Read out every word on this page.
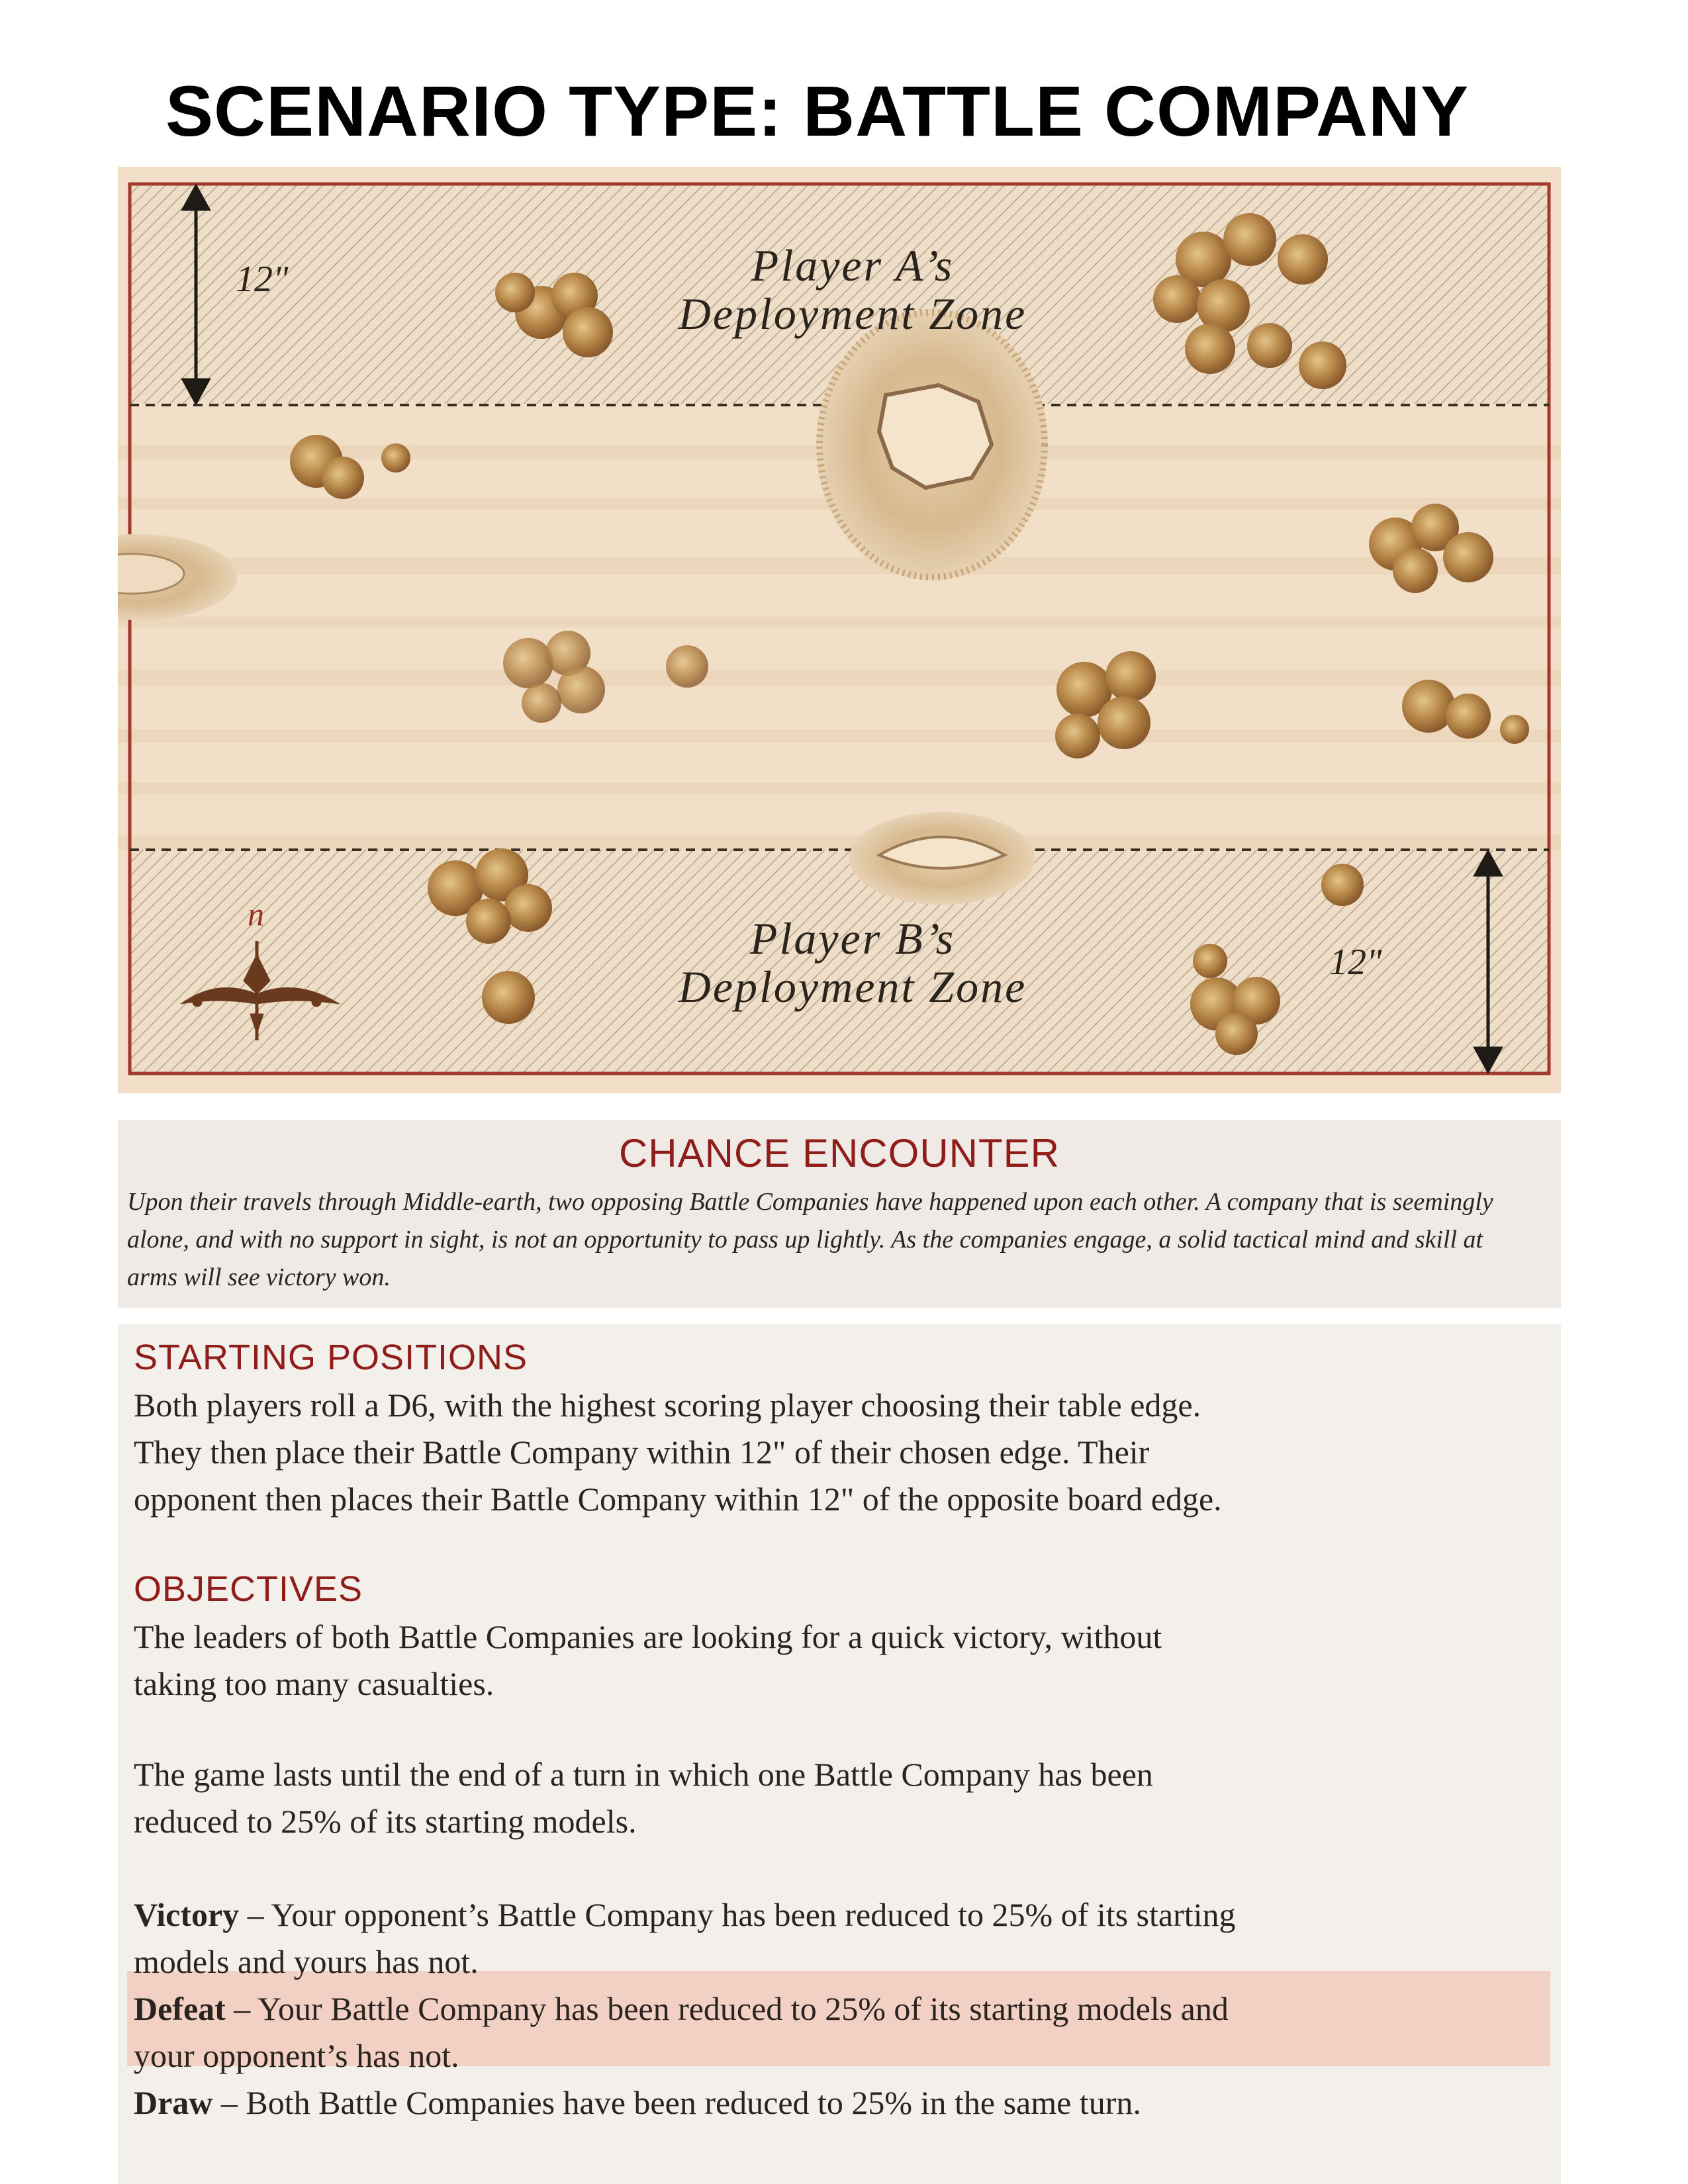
SCENARIO TYPE: BATTLE COMPANY
Player A’s
Deployment Zone
Player B’s
Deployment Zone
12"
12"
n
CHANCE ENCOUNTER
Upon their travels through Middle-earth, two opposing Battle Companies have happened upon each other. A company that is seemingly
alone, and with no support in sight, is not an opportunity to pass up lightly. As the companies engage, a solid tactical mind and skill at
arms will see victory won.
STARTING POSITIONS
Both players roll a D6, with the highest scoring player choosing their table edge.
They then place their Battle Company within 12" of their chosen edge. Their
opponent then places their Battle Company within 12" of the opposite board edge.
OBJECTIVES
The leaders of both Battle Companies are looking for a quick victory, without
taking too many casualties.
The game lasts until the end of a turn in which one Battle Company has been
reduced to 25% of its starting models.
Victory – Your opponent’s Battle Company has been reduced to 25% of its starting
models and yours has not.
Defeat – Your Battle Company has been reduced to 25% of its starting models and
your opponent’s has not.
Draw – Both Battle Companies have been reduced to 25% in the same turn.
